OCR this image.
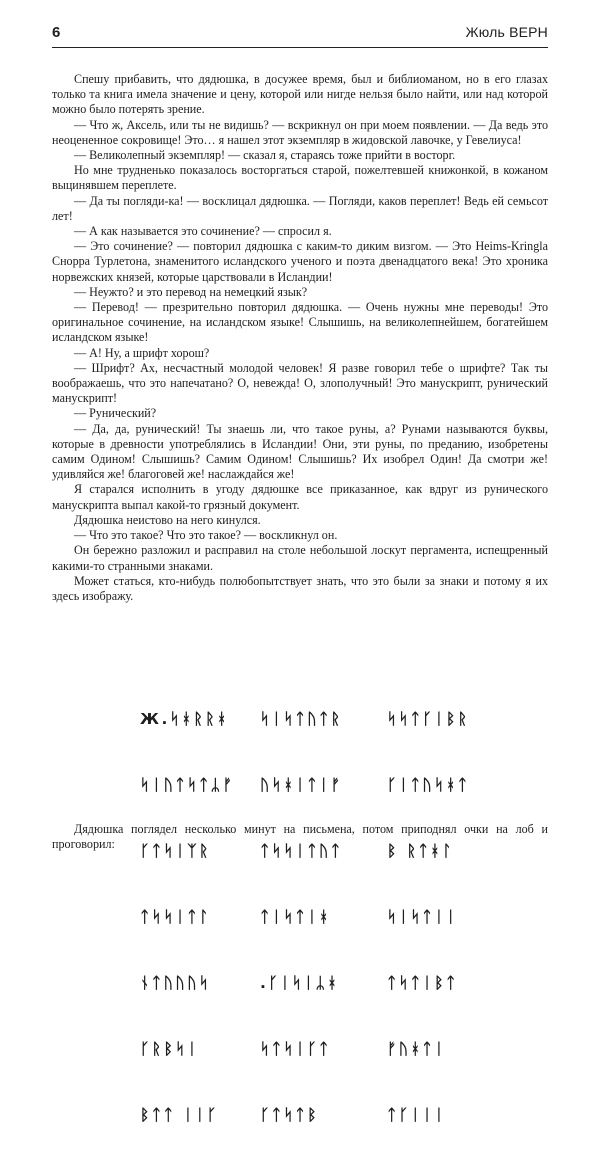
6	Жюль ВЕРН

Спешу прибавить, что дядюшка, в досужее время, был и библиоманом, но в его глазах только та книга имела значение и цену, которой или нигде нельзя было найти, или над которой можно было потерять зрение.

— Что ж, Аксель, или ты не видишь? — вскрикнул он при моем появлении. — Да ведь это неоцененное сокровище! Это… я нашел этот экземпляр в жидовской лавочке, у Гевелиуса!

— Великолепный экземпляр! — сказал я, стараясь тоже прийти в восторг.

Но мне трудненько показалось восторгаться старой, пожелтевшей книжонкой, в кожаном выцинявшем переплете.

— Да ты погляди-ка! — восклицал дядюшка. — Погляди, каков переплет! Ведь ей семьсот лет!

— А как называется это сочинение? — спросил я.

— Это сочинение? — повторил дядюшка с каким-то диким визгом. — Это Heims-Kringla Снорра Турлетона, знаменитого исландского ученого и поэта двенадцатого века! Это хроника норвежских князей, которые царствовали в Исландии!

— Неужто? и это перевод на немецкий язык?

— Перевод! — презрительно повторил дядюшка. — Очень нужны мне переводы! Это оригинальное сочинение, на исландском языке! Слышишь, на великолепнейшем, богатейшем исландском языке!

— А! Ну, а шрифт хорош?

— Шрифт? Ах, несчастный молодой человек! Я разве говорил тебе о шрифте? Так ты воображаешь, что это напечатано? О, невежда! О, злополучный! Это манускрипт, рунический манускрипт!

— Рунический?

— Да, да, рунический! Ты знаешь ли, что такое руны, а? Рунами называются буквы, которые в древности употреблялись в Исландии! Они, эти руны, по преданию, изобретены самим Одином! Слышишь? Самим Одином! Слышишь? Их изобрел Один! Да смотри же! удивляйся же! благоговей же! наслаждайся же!

Я старался исполнить в угоду дядюшке все приказанное, как вдруг из рунического манускрипта выпал какой-то грязный документ.

Дядюшка неистово на него кинулся.

— Что это такое? Что это такое? — воскликнул он.

Он бережно разложил и расправил на столе небольшой лоскут пергамента, испещренный какими-то странными знаками.

Может статься, кто-нибудь полюбопытствует знать, что это были за знаки и потому я их здесь изображу.

Ж.ᛋᚼᚱᚱᚼ

ᛋᛁᚢᛏᛋᛏᛦᚠ

ᚴᛏᛋᛁᛉᚱ

ᛏᛋᛋᛁᛏᛚ

ᚾᛏᚢᚢᚢᛋ

ᚴᚱᛒᛋᛁ

ᛒᛏᛏ ᛁᛁᚴ

ᛋᛁᛋᛏᚢᛏᚱ

ᚢᛋᚼᛁᛏᛁᚠ

ᛏᛋᛋᛁᛏᚢᛏ

ᛏᛁᛋᛏᛁᚼ

.ᚴᛁᛋᛁᛦᚼ

ᛋᛏᛋᛁᚴᛏ

ᚴᛏᛋᛏᛒ

ᛋᛋᛏᚴᛁᛒᚱ

ᚴᛁᛏᚢᛋᚼᛏ

ᛒ ᚱᛏᚼᛚ

ᛋᛁᛋᛏᛁᛁ

ᛏᛋᛏᛁᛒᛏ

ᚠᚢᚼᛏᛁ

ᛏᚴᛁᛁᛁ

Дядюшка поглядел несколько минут на письмена, потом приподнял очки на лоб и проговорил:
